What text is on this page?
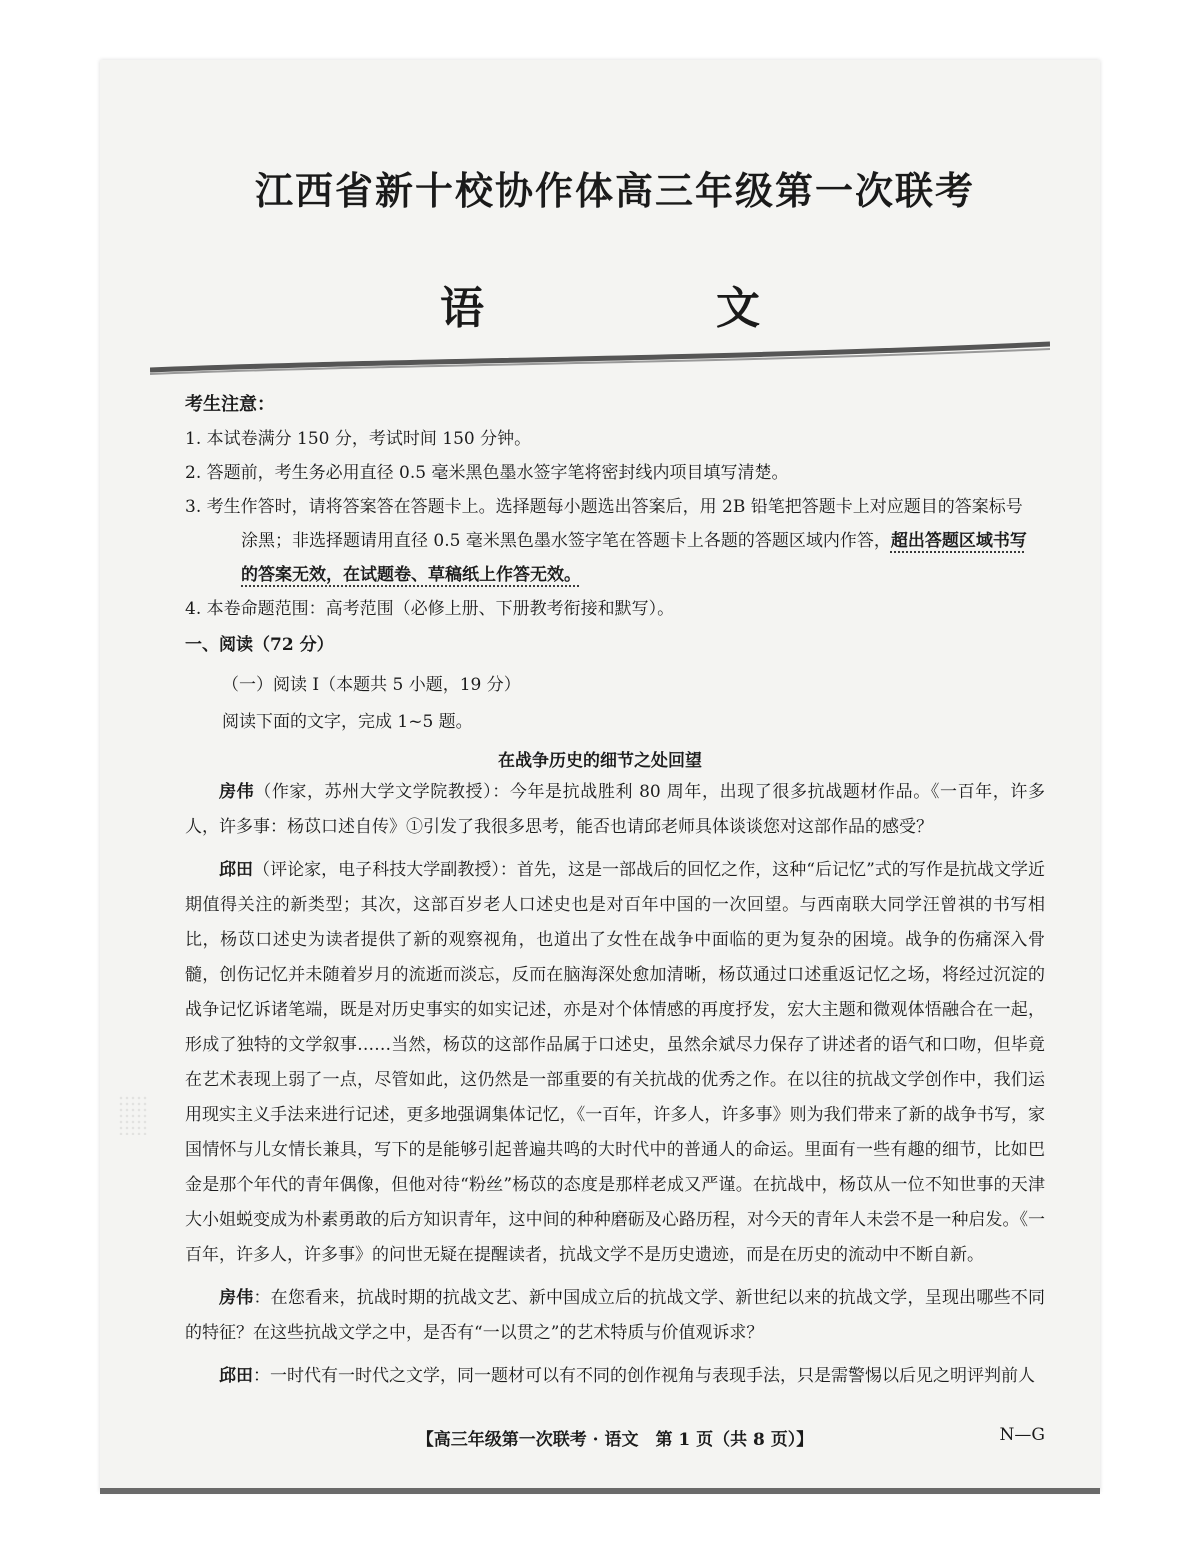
江西省新十校协作体高三年级第一次联考
语	文
考生注意：
1. 本试卷满分 150 分，考试时间 150 分钟。
2. 答题前，考生务必用直径 0.5 毫米黑色墨水签字笔将密封线内项目填写清楚。
3. 考生作答时，请将答案答在答题卡上。选择题每小题选出答案后，用 2B 铅笔把答题卡上对应题目的答案标号
涂黑；非选择题请用直径 0.5 毫米黑色墨水签字笔在答题卡上各题的答题区域内作答，超出答题区域书写
的答案无效，在试题卷、草稿纸上作答无效。
4. 本卷命题范围：高考范围（必修上册、下册教考衔接和默写）。
一、阅读（72 分）
（一）阅读 I（本题共 5 小题，19 分）
阅读下面的文字，完成 1~5 题。
在战争历史的细节之处回望

房伟（作家，苏州大学文学院教授）：今年是抗战胜利 80 周年，出现了很多抗战题材作品。《一百年，许多人，许多事：杨苡口述自传》①引发了我很多思考，能否也请邱老师具体谈谈您对这部作品的感受？

邱田（评论家，电子科技大学副教授）：首先，这是一部战后的回忆之作，这种“后记忆”式的写作是抗战文学近期值得关注的新类型；其次，这部百岁老人口述史也是对百年中国的一次回望。与西南联大同学汪曾祺的书写相比，杨苡口述史为读者提供了新的观察视角，也道出了女性在战争中面临的更为复杂的困境。战争的伤痛深入骨髓，创伤记忆并未随着岁月的流逝而淡忘，反而在脑海深处愈加清晰，杨苡通过口述重返记忆之场，将经过沉淀的战争记忆诉诸笔端，既是对历史事实的如实记述，亦是对个体情感的再度抒发，宏大主题和微观体悟融合在一起，形成了独特的文学叙事……当然，杨苡的这部作品属于口述史，虽然余斌尽力保存了讲述者的语气和口吻，但毕竟在艺术表现上弱了一点，尽管如此，这仍然是一部重要的有关抗战的优秀之作。在以往的抗战文学创作中，我们运用现实主义手法来进行记述，更多地强调集体记忆，《一百年，许多人，许多事》则为我们带来了新的战争书写，家国情怀与儿女情长兼具，写下的是能够引起普遍共鸣的大时代中的普通人的命运。里面有一些有趣的细节，比如巴金是那个年代的青年偶像，但他对待“粉丝”杨苡的态度是那样老成又严谨。在抗战中，杨苡从一位不知世事的天津大小姐蜕变成为朴素勇敢的后方知识青年，这中间的种种磨砺及心路历程，对今天的青年人未尝不是一种启发。《一百年，许多人，许多事》的问世无疑在提醒读者，抗战文学不是历史遗迹，而是在历史的流动中不断自新。

房伟：在您看来，抗战时期的抗战文艺、新中国成立后的抗战文学、新世纪以来的抗战文学，呈现出哪些不同的特征？在这些抗战文学之中，是否有“一以贯之”的艺术特质与价值观诉求？

邱田：一时代有一时代之文学，同一题材可以有不同的创作视角与表现手法，只是需警惕以后见之明评判前人

【高三年级第一次联考 · 语文　第 1 页（共 8 页）】	N—G
